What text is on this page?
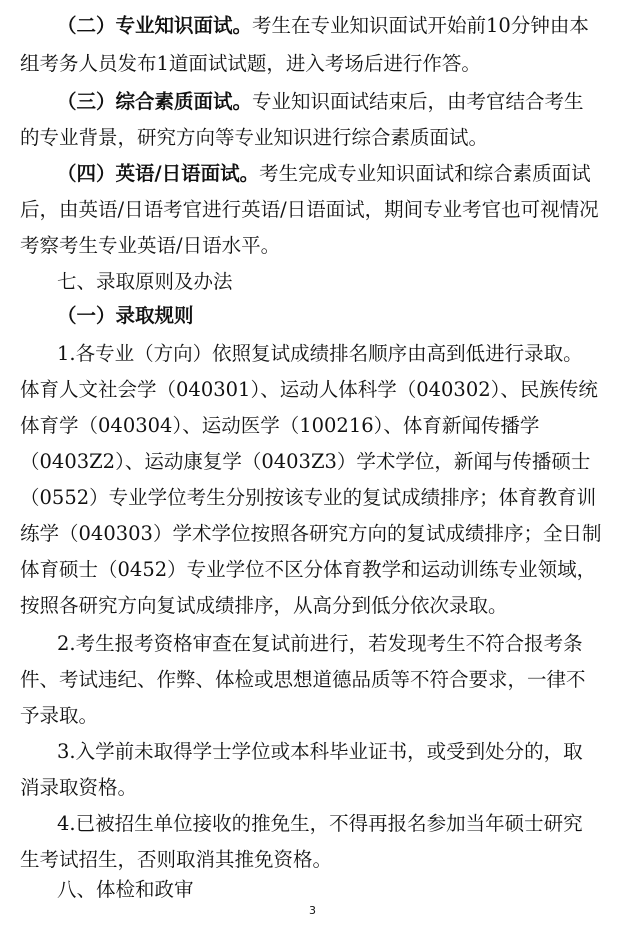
（二）专业知识面试。考生在专业知识面试开始前10分钟由本
组考务人员发布1道面试试题，进入考场后进行作答。
（三）综合素质面试。专业知识面试结束后，由考官结合考生
的专业背景，研究方向等专业知识进行综合素质面试。
（四）英语/日语面试。考生完成专业知识面试和综合素质面试
后，由英语/日语考官进行英语/日语面试，期间专业考官也可视情况
考察考生专业英语/日语水平。
七、录取原则及办法
（一）录取规则
1.各专业（方向）依照复试成绩排名顺序由高到低进行录取。
体育人文社会学（040301）、运动人体科学（040302）、民族传统
体育学（040304）、运动医学（100216）、体育新闻传播学
（0403Z2）、运动康复学（0403Z3）学术学位，新闻与传播硕士
（0552）专业学位考生分别按该专业的复试成绩排序；体育教育训
练学（040303）学术学位按照各研究方向的复试成绩排序；全日制
体育硕士（0452）专业学位不区分体育教学和运动训练专业领域，
按照各研究方向复试成绩排序，从高分到低分依次录取。
2.考生报考资格审查在复试前进行，若发现考生不符合报考条
件、考试违纪、作弊、体检或思想道德品质等不符合要求，一律不
予录取。
3.入学前未取得学士学位或本科毕业证书，或受到处分的，取
消录取资格。
4.已被招生单位接收的推免生，不得再报名参加当年硕士研究
生考试招生，否则取消其推免资格。
八、体检和政审
3
